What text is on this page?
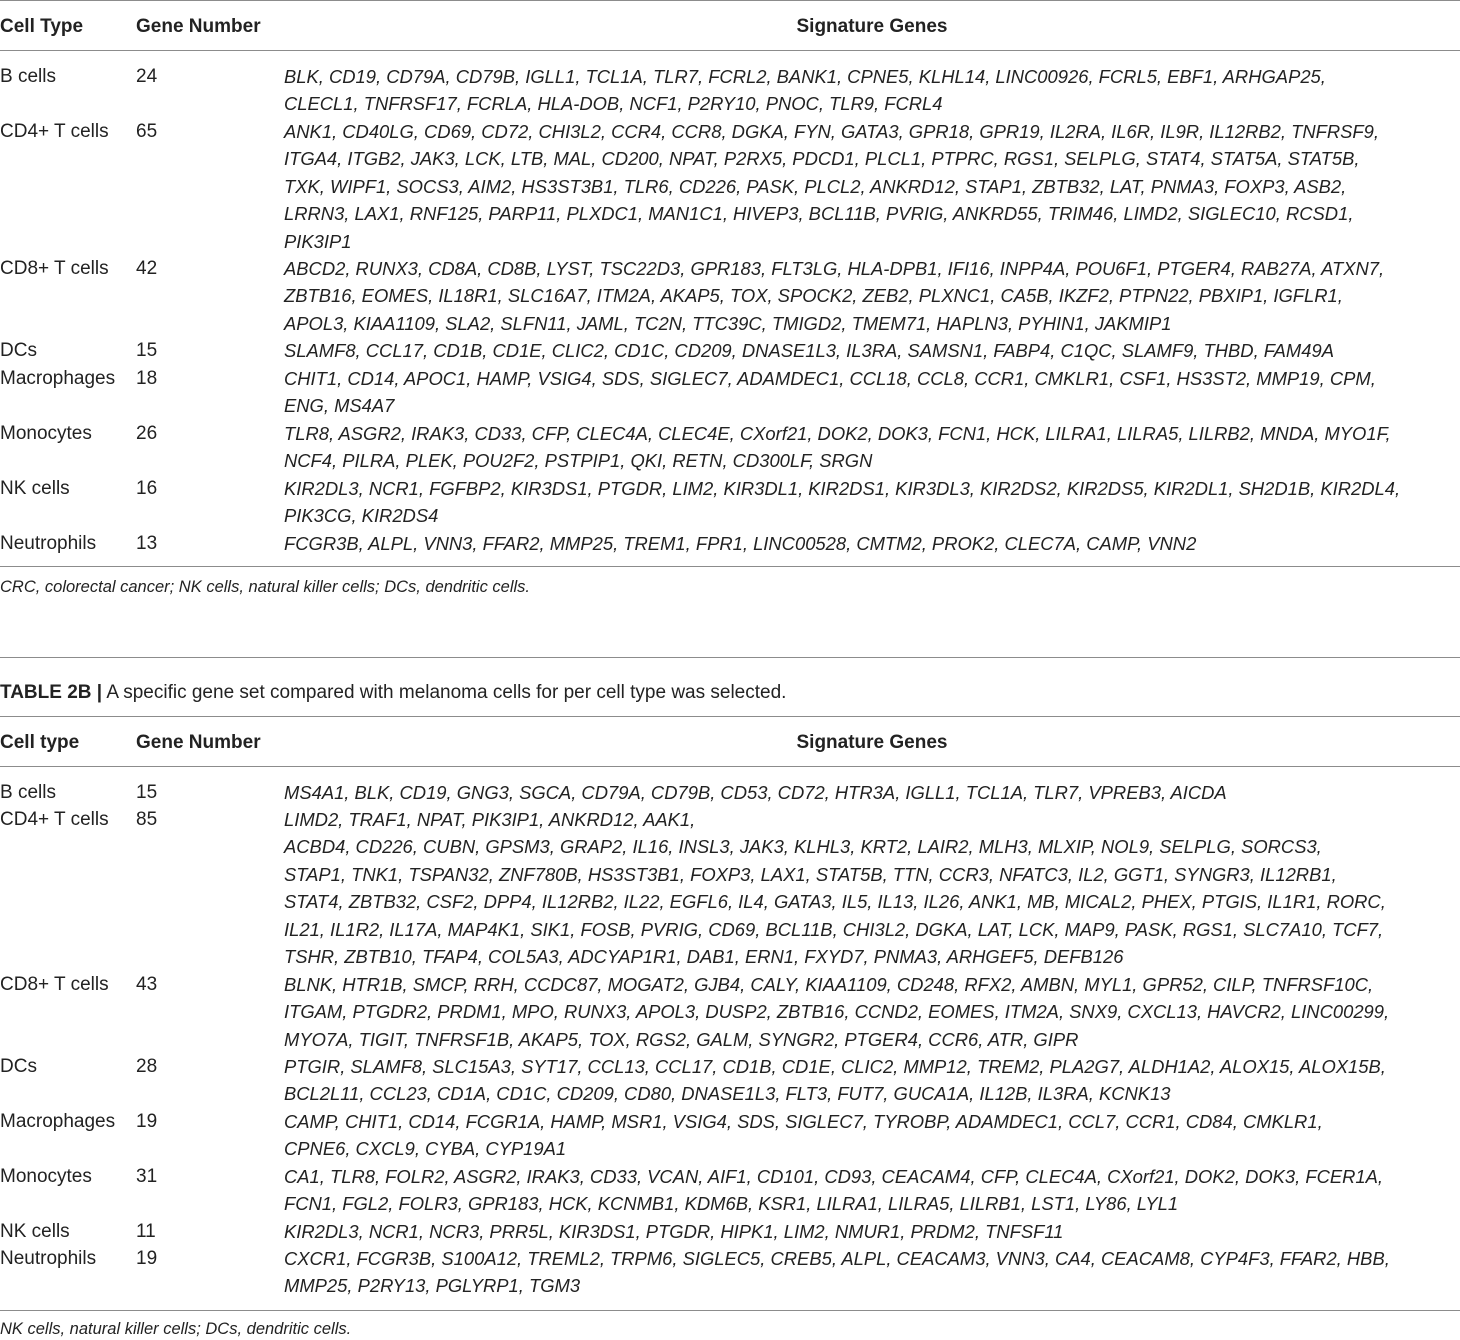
Cell Type	Gene Number	Signature Genes
B cells	24	BLK, CD19, CD79A, CD79B, IGLL1, TCL1A, TLR7, FCRL2, BANK1, CPNE5, KLHL14, LINC00926, FCRL5, EBF1, ARHGAP25,
CLECL1, TNFRSF17, FCRLA, HLA-DOB, NCF1, P2RY10, PNOC, TLR9, FCRL4
CD4+ T cells 65	ANK1, CD40LG, CD69, CD72, CHI3L2, CCR4, CCR8, DGKA, FYN, GATA3, GPR18, GPR19, IL2RA, IL6R, IL9R, IL12RB2, TNFRSF9,
ITGA4, ITGB2, JAK3, LCK, LTB, MAL, CD200, NPAT, P2RX5, PDCD1, PLCL1, PTPRC, RGS1, SELPLG, STAT4, STAT5A, STAT5B,
TXK, WIPF1, SOCS3, AIM2, HS3ST3B1, TLR6, CD226, PASK, PLCL2, ANKRD12, STAP1, ZBTB32, LAT, PNMA3, FOXP3, ASB2,
LRRN3, LAX1, RNF125, PARP11, PLXDC1, MAN1C1, HIVEP3, BCL11B, PVRIG, ANKRD55, TRIM46, LIMD2, SIGLEC10, RCSD1,
PIK3IP1
CD8+ T cells 42	ABCD2, RUNX3, CD8A, CD8B, LYST, TSC22D3, GPR183, FLT3LG, HLA-DPB1, IFI16, INPP4A, POU6F1, PTGER4, RAB27A, ATXN7,
ZBTB16, EOMES, IL18R1, SLC16A7, ITM2A, AKAP5, TOX, SPOCK2, ZEB2, PLXNC1, CA5B, IKZF2, PTPN22, PBXIP1, IGFLR1,
APOL3, KIAA1109, SLA2, SLFN11, JAML, TC2N, TTC39C, TMIGD2, TMEM71, HAPLN3, PYHIN1, JAKMIP1
DCs	15	SLAMF8, CCL17, CD1B, CD1E, CLIC2, CD1C, CD209, DNASE1L3, IL3RA, SAMSN1, FABP4, C1QC, SLAMF9, THBD, FAM49A
Macrophages 18	CHIT1, CD14, APOC1, HAMP, VSIG4, SDS, SIGLEC7, ADAMDEC1, CCL18, CCL8, CCR1, CMKLR1, CSF1, HS3ST2, MMP19, CPM,
ENG, MS4A7
Monocytes 26	TLR8, ASGR2, IRAK3, CD33, CFP, CLEC4A, CLEC4E, CXorf21, DOK2, DOK3, FCN1, HCK, LILRA1, LILRA5, LILRB2, MNDA, MYO1F,
NCF4, PILRA, PLEK, POU2F2, PSTPIP1, QKI, RETN, CD300LF, SRGN
NK cells	16	KIR2DL3, NCR1, FGFBP2, KIR3DS1, PTGDR, LIM2, KIR3DL1, KIR2DS1, KIR3DL3, KIR2DS2, KIR2DS5, KIR2DL1, SH2D1B, KIR2DL4,
PIK3CG, KIR2DS4
Neutrophils 13	FCGR3B, ALPL, VNN3, FFAR2, MMP25, TREM1, FPR1, LINC00528, CMTM2, PROK2, CLEC7A, CAMP, VNN2
CRC, colorectal cancer; NK cells, natural killer cells; DCs, dendritic cells.
TABLE 2B | A specific gene set compared with melanoma cells for per cell type was selected.
Cell type	Gene Number	Signature Genes
B cells	15	MS4A1, BLK, CD19, GNG3, SGCA, CD79A, CD79B, CD53, CD72, HTR3A, IGLL1, TCL1A, TLR7, VPREB3, AICDA
CD4+ T cells 85	LIMD2, TRAF1, NPAT, PIK3IP1, ANKRD12, AAK1,
ACBD4, CD226, CUBN, GPSM3, GRAP2, IL16, INSL3, JAK3, KLHL3, KRT2, LAIR2, MLH3, MLXIP, NOL9, SELPLG, SORCS3,
STAP1, TNK1, TSPAN32, ZNF780B, HS3ST3B1, FOXP3, LAX1, STAT5B, TTN, CCR3, NFATC3, IL2, GGT1, SYNGR3, IL12RB1,
STAT4, ZBTB32, CSF2, DPP4, IL12RB2, IL22, EGFL6, IL4, GATA3, IL5, IL13, IL26, ANK1, MB, MICAL2, PHEX, PTGIS, IL1R1, RORC,
IL21, IL1R2, IL17A, MAP4K1, SIK1, FOSB, PVRIG, CD69, BCL11B, CHI3L2, DGKA, LAT, LCK, MAP9, PASK, RGS1, SLC7A10, TCF7,
TSHR, ZBTB10, TFAP4, COL5A3, ADCYAP1R1, DAB1, ERN1, FXYD7, PNMA3, ARHGEF5, DEFB126
CD8+ T cells 43	BLNK, HTR1B, SMCP, RRH, CCDC87, MOGAT2, GJB4, CALY, KIAA1109, CD248, RFX2, AMBN, MYL1, GPR52, CILP, TNFRSF10C,
ITGAM, PTGDR2, PRDM1, MPO, RUNX3, APOL3, DUSP2, ZBTB16, CCND2, EOMES, ITM2A, SNX9, CXCL13, HAVCR2, LINC00299,
MYO7A, TIGIT, TNFRSF1B, AKAP5, TOX, RGS2, GALM, SYNGR2, PTGER4, CCR6, ATR, GIPR
DCs	28	PTGIR, SLAMF8, SLC15A3, SYT17, CCL13, CCL17, CD1B, CD1E, CLIC2, MMP12, TREM2, PLA2G7, ALDH1A2, ALOX15, ALOX15B,
BCL2L11, CCL23, CD1A, CD1C, CD209, CD80, DNASE1L3, FLT3, FUT7, GUCA1A, IL12B, IL3RA, KCNK13
Macrophages 19	CAMP, CHIT1, CD14, FCGR1A, HAMP, MSR1, VSIG4, SDS, SIGLEC7, TYROBP, ADAMDEC1, CCL7, CCR1, CD84, CMKLR1,
CPNE6, CXCL9, CYBA, CYP19A1
Monocytes 31	CA1, TLR8, FOLR2, ASGR2, IRAK3, CD33, VCAN, AIF1, CD101, CD93, CEACAM4, CFP, CLEC4A, CXorf21, DOK2, DOK3, FCER1A,
FCN1, FGL2, FOLR3, GPR183, HCK, KCNMB1, KDM6B, KSR1, LILRA1, LILRA5, LILRB1, LST1, LY86, LYL1
NK cells	11	KIR2DL3, NCR1, NCR3, PRR5L, KIR3DS1, PTGDR, HIPK1, LIM2, NMUR1, PRDM2, TNFSF11
Neutrophils 19	CXCR1, FCGR3B, S100A12, TREML2, TRPM6, SIGLEC5, CREB5, ALPL, CEACAM3, VNN3, CA4, CEACAM8, CYP4F3, FFAR2, HBB,
MMP25, P2RY13, PGLYRP1, TGM3
NK cells, natural killer cells; DCs, dendritic cells.
